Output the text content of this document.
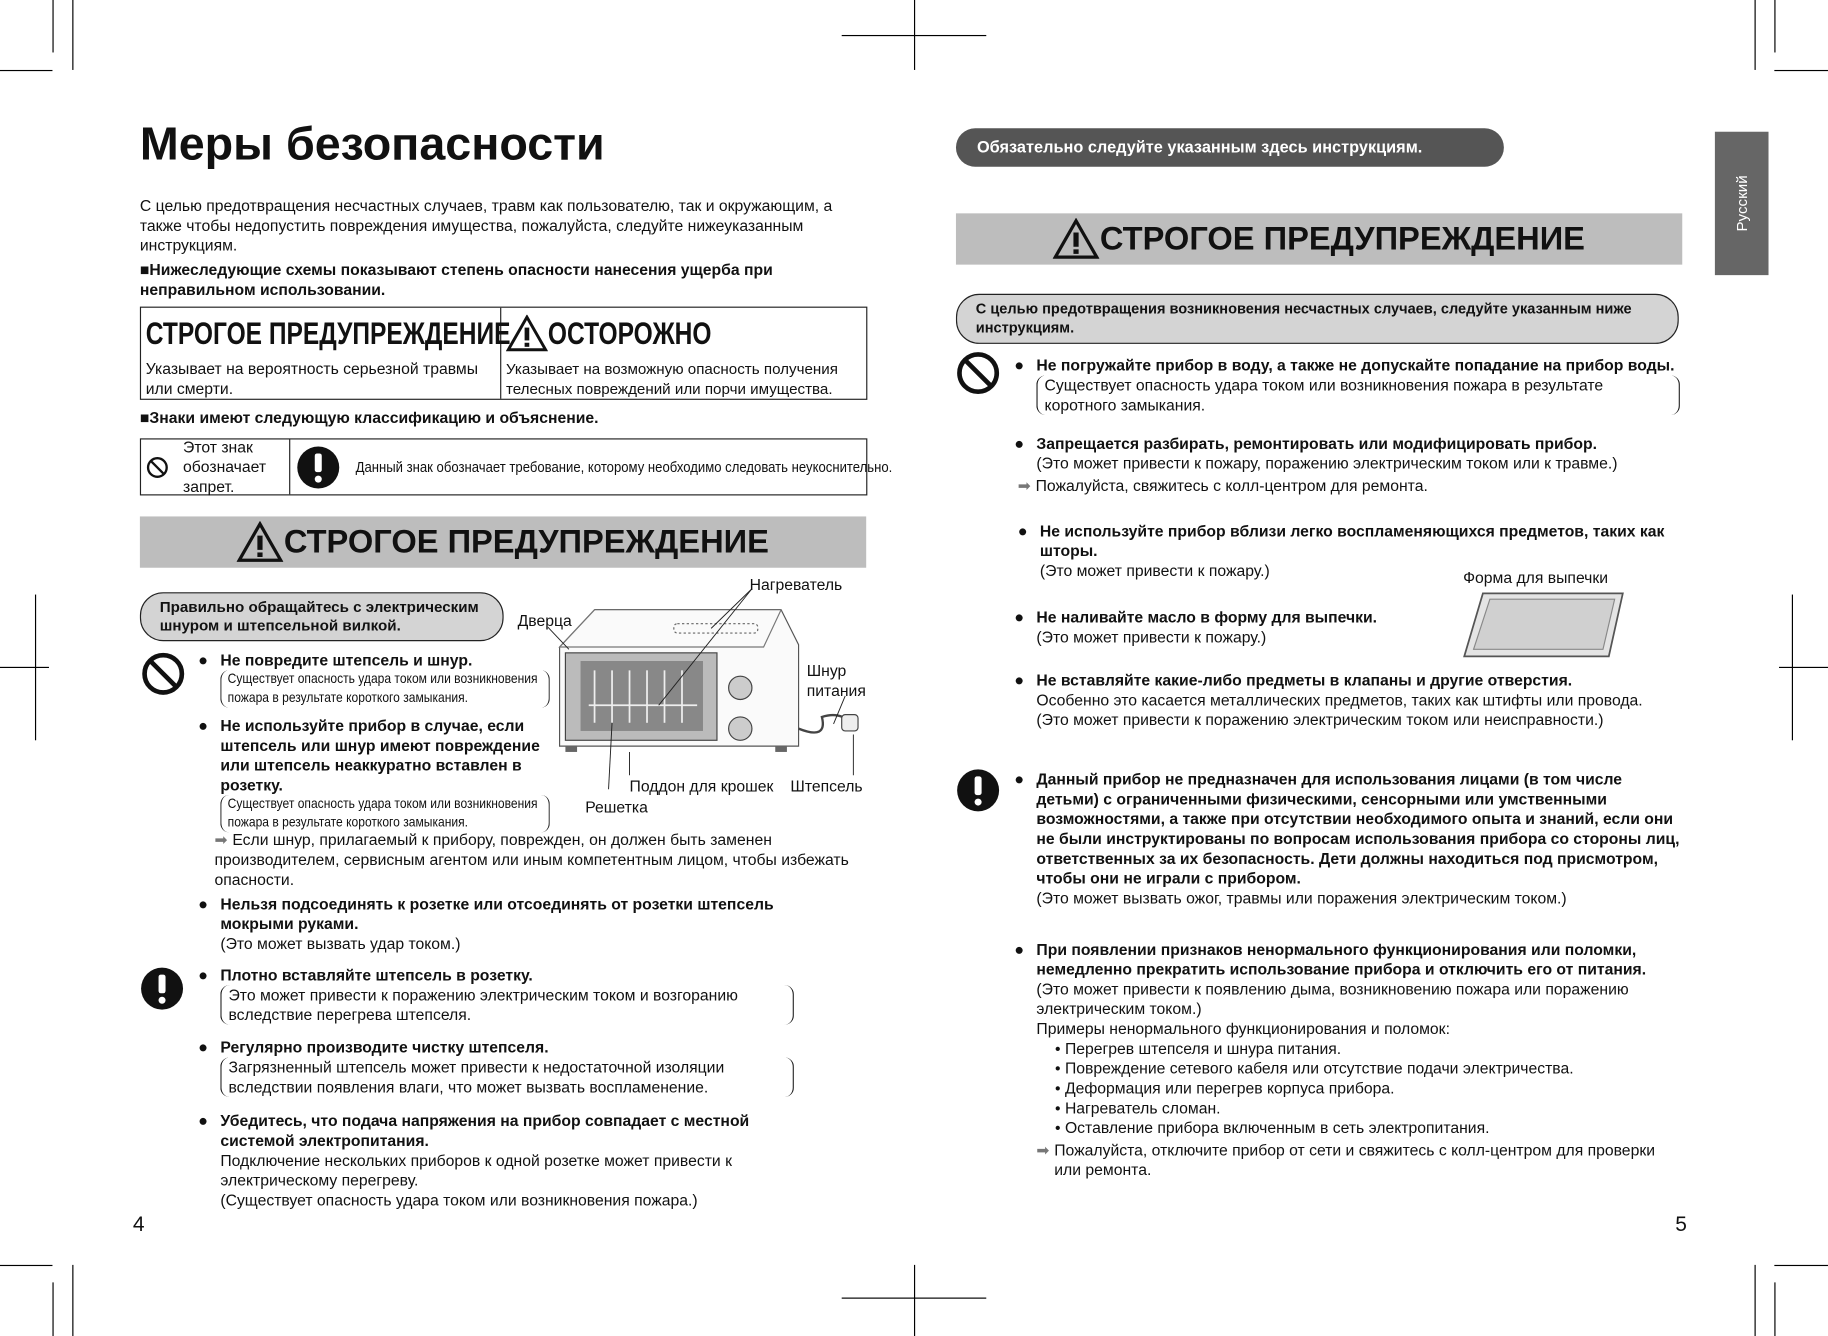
Меры безопасности
С целью предотвращения несчастных случаев, травм как пользователю, так и окружающим, а также чтобы недопустить повреждения имущества, пожалуйста, следуйте нижеуказанным инструкциям.
■Нижеследующие схемы показывают степень опасности нанесения ущерба при неправильном использовании.
СТРОГОЕ ПРЕДУПРЕЖДЕНИЕ
Указывает на вероятность серьезной травмы или смерти.
ОСТОРОЖНО
Указывает на возможную опасность получения телесных повреждений или порчи имущества.
■Знаки имеют следующую классификацию и объяснение.
Этот знак обозначает запрет.
Данный знак обозначает требование, которому необходимо следовать неукоснительно.
СТРОГОЕ ПРЕДУПРЕЖДЕНИЕ
Правильно обращайтесь с электрическим шнуром и штепсельной вилкой.
Нагреватель
Дверца
Шнур питания
Поддон для крошек Штепсель
Решетка
● Не повредите штепсель и шнур.
Существует опасность удара током или возникновения пожара в результате короткого замыкания.
● Не используйте прибор в случае, если штепсель или шнур имеют повреждение или штепсель неаккуратно вставлен в розетку.
Существует опасность удара током или возникновения пожара в результате короткого замыкания.
➡ Если шнур, прилагаемый к прибору, поврежден, он должен быть заменен производителем, сервисным агентом или иным компетентным лицом, чтобы избежать опасности.
● Нельзя подсоединять к розетке или отсоединять от розетки штепсель мокрыми руками.
(Это может вызвать удар током.)
● Плотно вставляйте штепсель в розетку.
Это может привести к поражению электрическим током и возгоранию вследствие перегрева штепселя.
● Регулярно производите чистку штепселя.
Загрязненный штепсель может привести к недостаточной изоляции вследствии появления влаги, что может вызвать воспламенение.
● Убедитесь, что подача напряжения на прибор совпадает с местной системой электропитания.
Подключение нескольких приборов к одной розетке может привести к электрическому перегреву.
(Существует опасность удара током или возникновения пожара.)
4
Обязательно следуйте указанным здесь инструкциям.
Русский
СТРОГОЕ ПРЕДУПРЕЖДЕНИЕ
С целью предотвращения возникновения несчастных случаев, следуйте указанным ниже инструкциям.
● Не погружайте прибор в воду, а также не допускайте попадание на прибор воды.
Существует опасность удара током или возникновения пожара в результате коротного замыкания.
● Запрещается разбирать, ремонтировать или модифицировать прибор.
(Это может привести к пожару, поражению электрическим током или к травме.)
➡ Пожалуйста, свяжитесь с колл-центром для ремонта.
● Не используйте прибор вблизи легко воспламеняющихся предметов, таких как шторы.
(Это может привести к пожару.)	Форма для выпечки
● Не наливайте масло в форму для выпечки.
(Это может привести к пожару.)
● Не вставляйте какие-либо предметы в клапаны и другие отверстия.
Особенно это касается металлических предметов, таких как штифты или провода.
(Это может привести к поражению электрическим током или неисправности.)
● Данный прибор не предназначен для использования лицами (в том числе детьми) с ограниченными физическими, сенсорными или умственными возможностями, а также при отсутствии необходимого опыта и знаний, если они не были инструктированы по вопросам использования прибора со стороны лиц, ответственных за их безопасность. Дети должны находиться под присмотром, чтобы они не играли с прибором.
(Это может вызвать ожог, травмы или поражения электрическим током.)
● При появлении признаков ненормального функционирования или поломки, немедленно прекратить использование прибора и отключить его от питания.
(Это может привести к появлению дыма, возникновению пожара или поражению электрическим током.)
Примеры ненормального функционирования и поломок:
• Перегрев штепселя и шнура питания.
• Повреждение сетевого кабеля или отсутствие подачи электричества.
• Деформация или перегрев корпуса прибора.
• Нагреватель сломан.
• Оставление прибора включенным в сеть электропитания.
➡ Пожалуйста, отключите прибор от сети и свяжитесь с колл-центром для проверки или ремонта.
5
